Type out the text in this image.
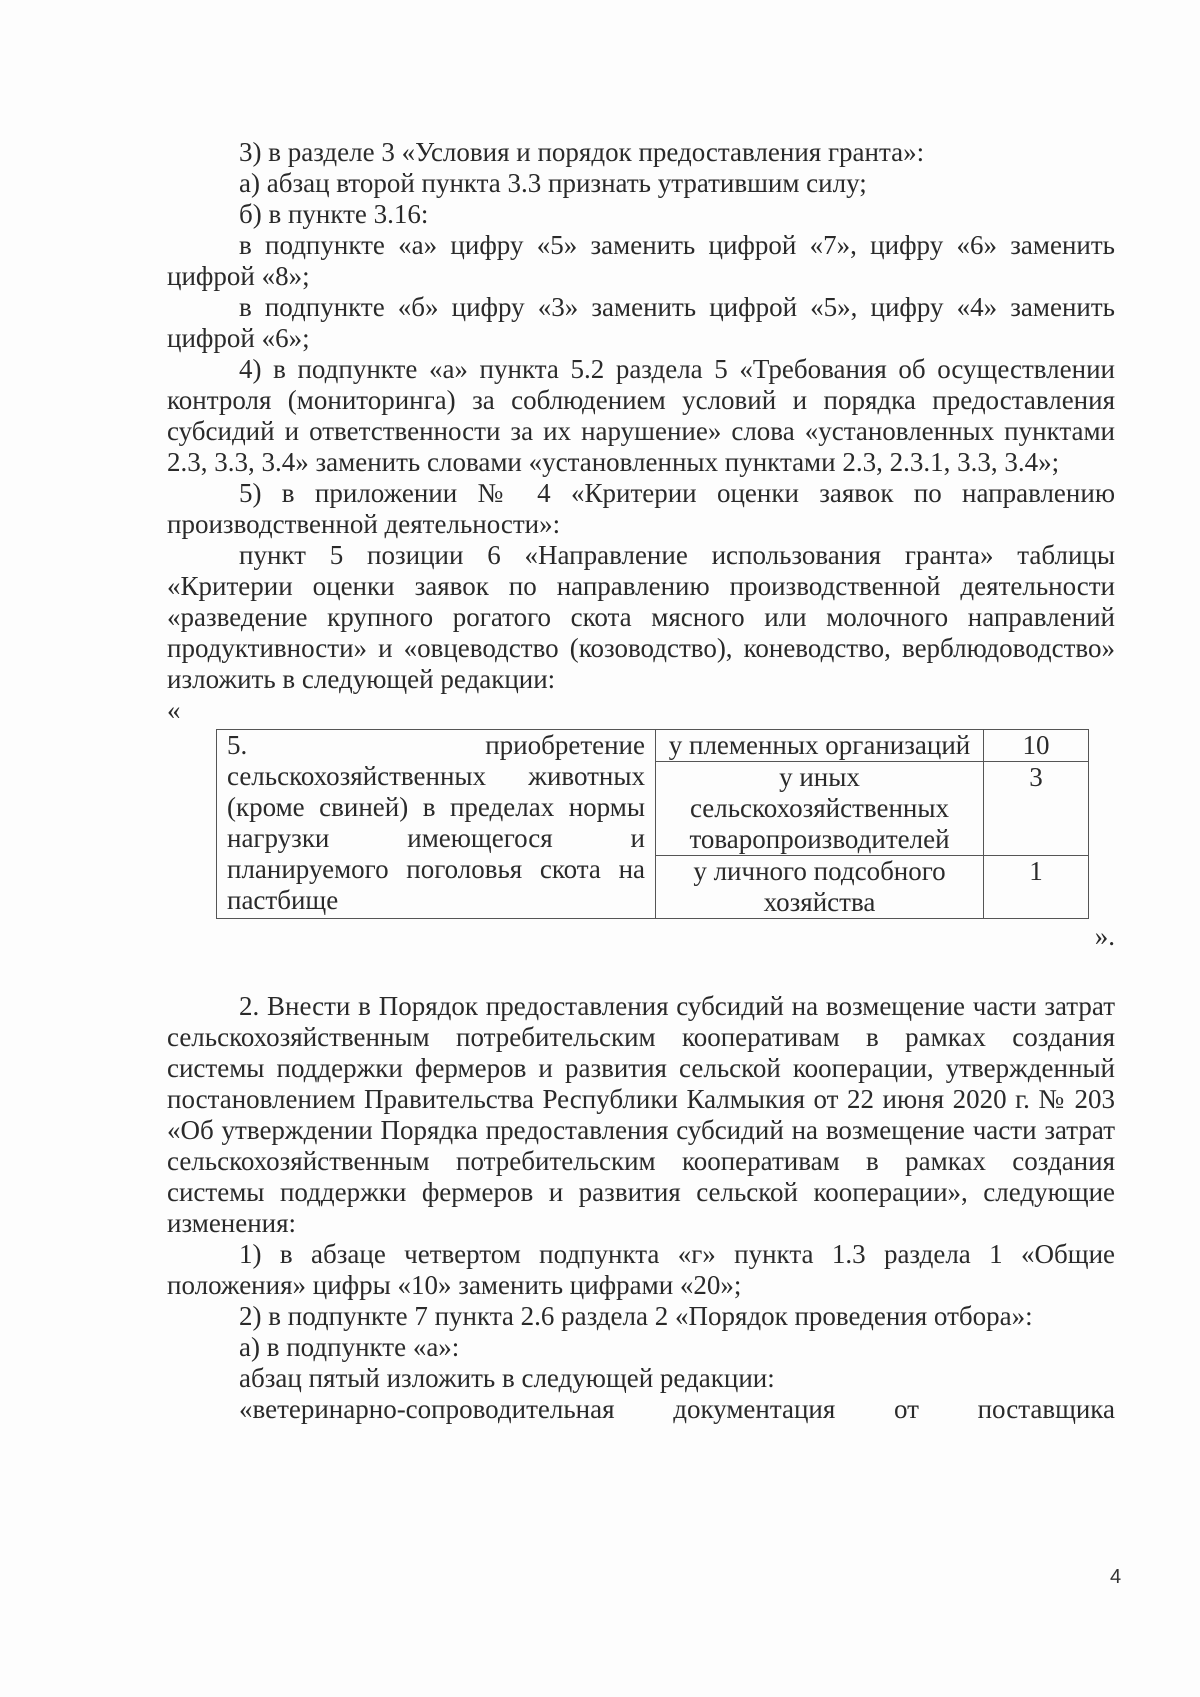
3) в разделе 3 «Условия и порядок предоставления гранта»:

а) абзац второй пункта 3.3 признать утратившим силу;

б) в пункте 3.16:

в подпункте «а» цифру «5» заменить цифрой «7», цифру «6» заменить цифрой «8»;

в подпункте «б» цифру «3» заменить цифрой «5», цифру «4» заменить цифрой «6»;

4) в подпункте «а» пункта 5.2 раздела 5 «Требования об осуществлении контроля (мониторинга) за соблюдением условий и порядка предоставления субсидий и ответственности за их нарушение» слова «установленных пунктами 2.3, 3.3, 3.4» заменить словами «установленных пунктами 2.3, 2.3.1, 3.3, 3.4»;

5) в приложении № 4 «Критерии оценки заявок по направлению производственной деятельности»:

пункт 5 позиции 6 «Направление использования гранта» таблицы «Критерии оценки заявок по направлению производственной деятельности «разведение крупного рогатого скота мясного или молочного направлений продуктивности» и «овцеводство (козоводство), коневодство, верблюдоводство» изложить в следующей редакции:

«

5. приобретение сельскохозяйственных животных (кроме свиней) в пределах нормы нагрузки имеющегося и планируемого поголовья скота на пастбище	у племенных организаций	10
	у иных сельскохозяйственных товаропроизводителей	3
	у личного подсобного хозяйства	1

».

2. Внести в Порядок предоставления субсидий на возмещение части затрат сельскохозяйственным потребительским кооперативам в рамках создания системы поддержки фермеров и развития сельской кооперации, утвержденный постановлением Правительства Республики Калмыкия от 22 июня 2020 г. № 203 «Об утверждении Порядка предоставления субсидий на возмещение части затрат сельскохозяйственным потребительским кооперативам в рамках создания системы поддержки фермеров и развития сельской кооперации», следующие изменения:

1) в абзаце четвертом подпункта «г» пункта 1.3 раздела 1 «Общие положения» цифры «10» заменить цифрами «20»;

2) в подпункте 7 пункта 2.6 раздела 2 «Порядок проведения отбора»:

а) в подпункте «а»:

абзац пятый изложить в следующей редакции:

«ветеринарно-сопроводительная документация от поставщика

4
